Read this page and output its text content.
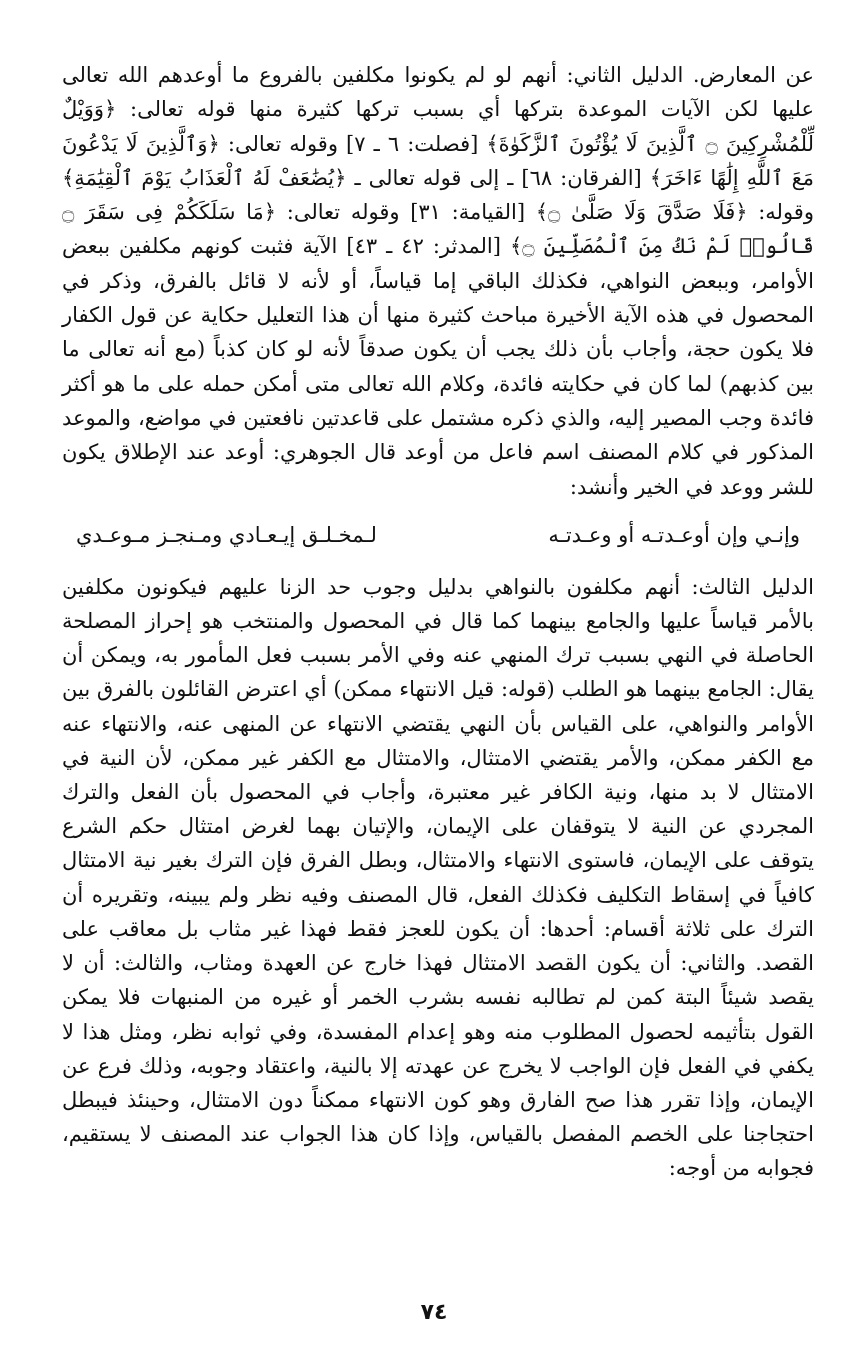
عن المعارض. الدليل الثاني: أنهم لو لم يكونوا مكلفين بالفروع ما أوعدهم الله تعالى عليها لكن الآيات الموعدة بتركها أي بسبب تركها كثيرة منها قوله تعالى: ﴿وَوَيْلٌ لِّلْمُشْرِكِينَ ۝ ٱلَّذِينَ لَا يُؤْتُونَ ٱلزَّكَوٰةَ﴾ [فصلت: ٦ ـ ٧] وقوله تعالى: ﴿وَٱلَّذِينَ لَا يَدْعُونَ مَعَ ٱللَّهِ إِلَٰهًا ءَاخَرَ﴾ [الفرقان: ٦٨] ـ إلى قوله تعالى ـ ﴿يُضَٰعَفْ لَهُ ٱلْعَذَابُ يَوْمَ ٱلْقِيَٰمَةِ﴾ وقوله: ﴿فَلَا صَدَّقَ وَلَا صَلَّىٰ ۝﴾ [القيامة: ٣١] وقوله تعالى: ﴿مَا سَلَكَكُمْ فِى سَقَرَ ۝ قَالُوا۟ لَمْ نَكُ مِنَ ٱلْمُصَلِّينَ ۝﴾ [المدثر: ٤٢ ـ ٤٣] الآية فثبت كونهم مكلفين ببعض الأوامر، وببعض النواهي، فكذلك الباقي إما قياساً، أو لأنه لا قائل بالفرق، وذكر في المحصول في هذه الآية الأخيرة مباحث كثيرة منها أن هذا التعليل حكاية عن قول الكفار فلا يكون حجة، وأجاب بأن ذلك يجب أن يكون صدقاً لأنه لو كان كذباً (مع أنه تعالى ما بين كذبهم) لما كان في حكايته فائدة، وكلام الله تعالى متى أمكن حمله على ما هو أكثر فائدة وجب المصير إليه، والذي ذكره مشتمل على قاعدتين نافعتين في مواضع، والموعد المذكور في كلام المصنف اسم فاعل من أوعد قال الجوهري: أوعد عند الإطلاق يكون للشر ووعد في الخير وأنشد:

وإنـي وإن أوعـدتـه أو وعـدتـه
لـمخـلـق إيـعـادي ومـنجـز مـوعـدي

الدليل الثالث: أنهم مكلفون بالنواهي بدليل وجوب حد الزنا عليهم فيكونون مكلفين بالأمر قياساً عليها والجامع بينهما كما قال في المحصول والمنتخب هو إحراز المصلحة الحاصلة في النهي بسبب ترك المنهي عنه وفي الأمر بسبب فعل المأمور به، ويمكن أن يقال: الجامع بينهما هو الطلب (قوله: قيل الانتهاء ممكن) أي اعترض القائلون بالفرق بين الأوامر والنواهي، على القياس بأن النهي يقتضي الانتهاء عن المنهى عنه، والانتهاء عنه مع الكفر ممكن، والأمر يقتضي الامتثال، والامتثال مع الكفر غير ممكن، لأن النية في الامتثال لا بد منها، ونية الكافر غير معتبرة، وأجاب في المحصول بأن الفعل والترك المجردي عن النية لا يتوقفان على الإيمان، والإتيان بهما لغرض امتثال حكم الشرع يتوقف على الإيمان، فاستوى الانتهاء والامتثال، وبطل الفرق فإن الترك بغير نية الامتثال كافياً في إسقاط التكليف فكذلك الفعل، قال المصنف وفيه نظر ولم يبينه، وتقريره أن الترك على ثلاثة أقسام: أحدها: أن يكون للعجز فقط فهذا غير مثاب بل معاقب على القصد. والثاني: أن يكون القصد الامتثال فهذا خارج عن العهدة ومثاب، والثالث: أن لا يقصد شيئاً البتة كمن لم تطالبه نفسه بشرب الخمر أو غيره من المنبهات فلا يمكن القول بتأثيمه لحصول المطلوب منه وهو إعدام المفسدة، وفي ثوابه نظر، ومثل هذا لا يكفي في الفعل فإن الواجب لا يخرج عن عهدته إلا بالنية، واعتقاد وجوبه، وذلك فرع عن الإيمان، وإذا تقرر هذا صح الفارق وهو كون الانتهاء ممكناً دون الامتثال، وحينئذ فيبطل احتجاجنا على الخصم المفصل بالقياس، وإذا كان هذا الجواب عند المصنف لا يستقيم، فجوابه من أوجه:

٧٤
